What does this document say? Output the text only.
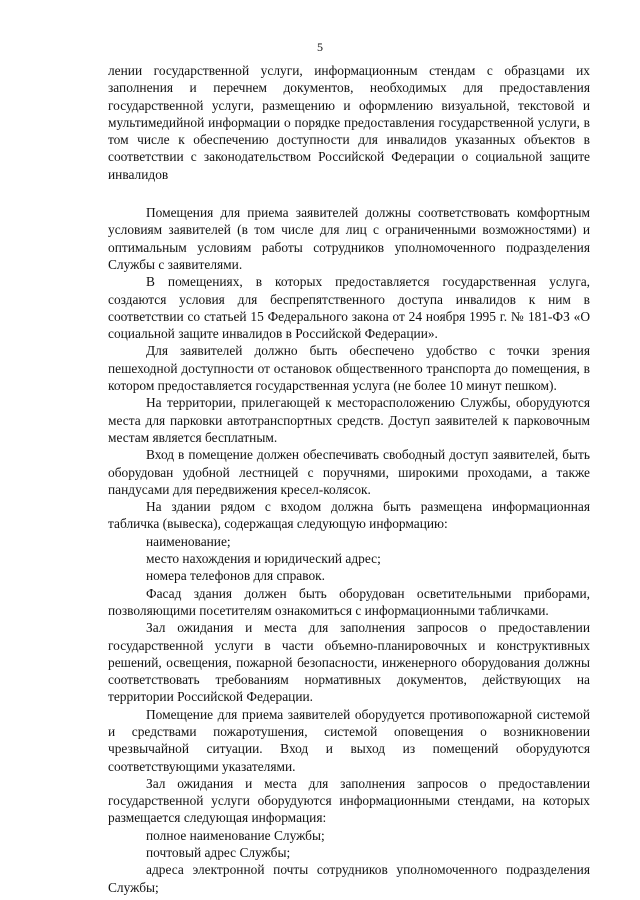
5

лении государственной услуги, информационным стендам с образцами их заполнения и перечнем документов, необходимых для предоставления государственной услуги, размещению и оформлению визуальной, текстовой и мультимедийной информации о порядке предоставления государственной услуги, в том числе к обеспечению доступности для инвалидов указанных объектов в соответствии с законодательством Российской Федерации о социальной защите инвалидов

Помещения для приема заявителей должны соответствовать комфортным условиям заявителей (в том числе для лиц с ограниченными возможностями) и оптимальным условиям работы сотрудников уполномоченного подразделения Службы с заявителями.

В помещениях, в которых предоставляется государственная услуга, создаются условия для беспрепятственного доступа инвалидов к ним в соответствии со статьей 15 Федерального закона от 24 ноября 1995 г. № 181-ФЗ «О социальной защите инвалидов в Российской Федерации».

Для заявителей должно быть обеспечено удобство с точки зрения пешеходной доступности от остановок общественного транспорта до помещения, в котором предоставляется государственная услуга (не более 10 минут пешком).

На территории, прилегающей к месторасположению Службы, оборудуются места для парковки автотранспортных средств. Доступ заявителей к парковочным местам является бесплатным.

Вход в помещение должен обеспечивать свободный доступ заявителей, быть оборудован удобной лестницей с поручнями, широкими проходами, а также пандусами для передвижения кресел-колясок.

На здании рядом с входом должна быть размещена информационная табличка (вывеска), содержащая следующую информацию:

наименование;

место нахождения и юридический адрес;

номера телефонов для справок.

Фасад здания должен быть оборудован осветительными приборами, позволяющими посетителям ознакомиться с информационными табличками.

Зал ожидания и места для заполнения запросов о предоставлении государственной услуги в части объемно-планировочных и конструктивных решений, освещения, пожарной безопасности, инженерного оборудования должны соответствовать требованиям нормативных документов, действующих на территории Российской Федерации.

Помещение для приема заявителей оборудуется противопожарной системой и средствами пожаротушения, системой оповещения о возникновении чрезвычайной ситуации. Вход и выход из помещений оборудуются соответствующими указателями.

Зал ожидания и места для заполнения запросов о предоставлении государственной услуги оборудуются информационными стендами, на которых размещается следующая информация:

полное наименование Службы;

почтовый адрес Службы;

адреса электронной почты сотрудников уполномоченного подразделения Службы;
